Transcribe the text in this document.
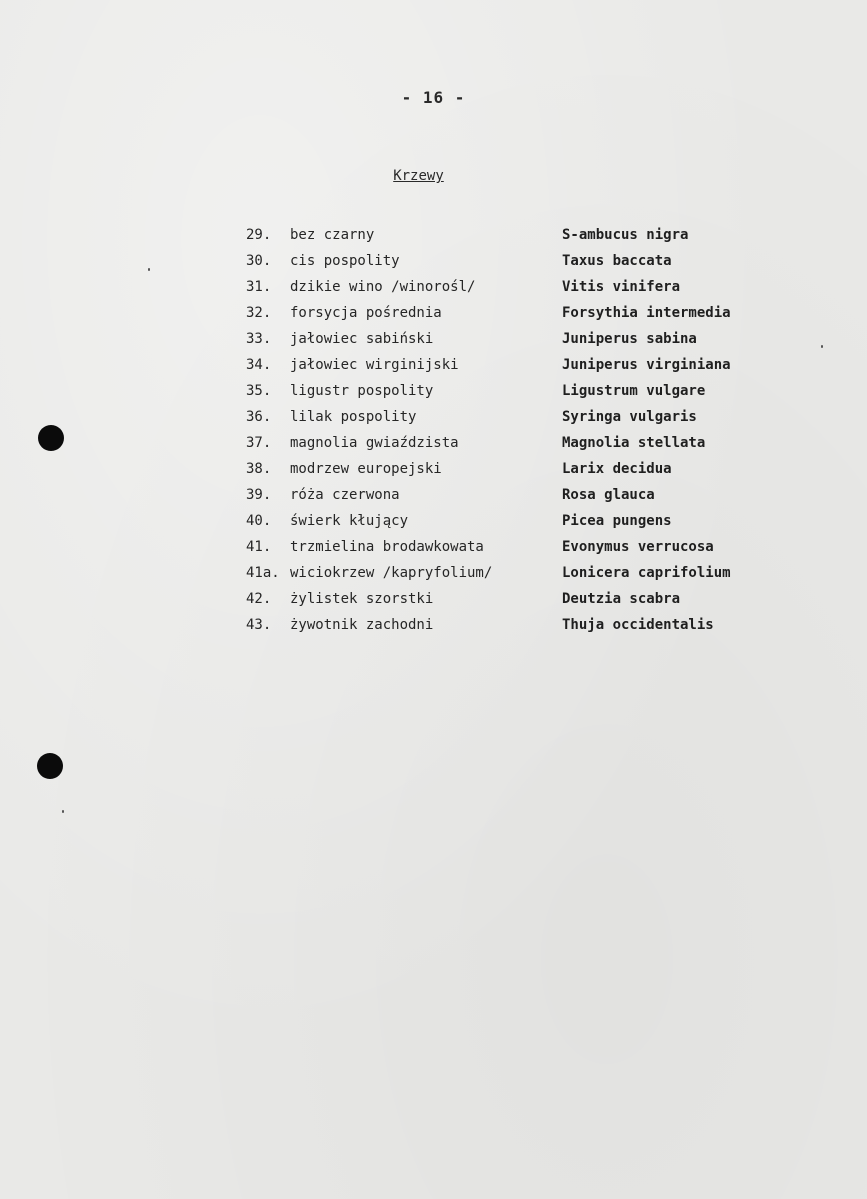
- 16 -
Krzewy
29.	bez czarny	S-ambucus nigra
30.	cis pospolity	Taxus baccata
31.	dzikie wino /winorośl/	Vitis vinifera
32.	forsycja pośrednia	Forsythia intermedia
33.	jałowiec sabiński	Juniperus sabina
34.	jałowiec wirginijski	Juniperus virginiana
35.	ligustr pospolity	Ligustrum vulgare
36.	lilak pospolity	Syringa vulgaris
37.	magnolia gwiaździsta	Magnolia stellata
38.	modrzew europejski	Larix decidua
39.	róża czerwona	Rosa glauca
40.	świerk kłujący	Picea pungens
41.	trzmielina brodawkowata	Evonymus verrucosa
41a. wiciokrzew /kapryfolium/	Lonicera caprifolium
42.	żylistek szorstki	Deutzia scabra
43.	żywotnik zachodni	Thuja occidentalis
